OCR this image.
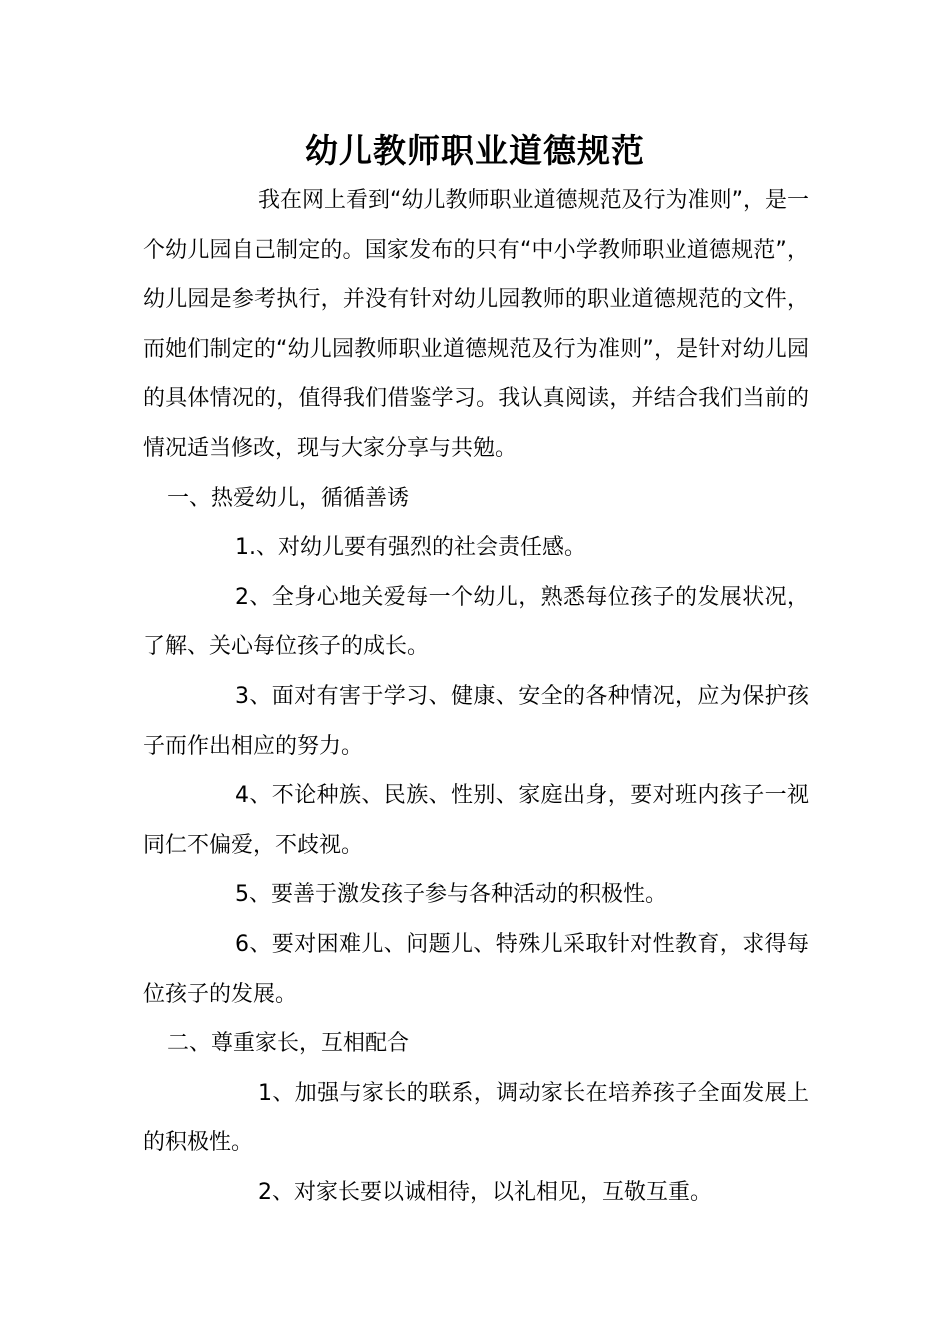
幼儿教师职业道德规范

我在网上看到“幼儿教师职业道德规范及行为准则”，是一个幼儿园自己制定的。国家发布的只有“中小学教师职业道德规范”，幼儿园是参考执行，并没有针对幼儿园教师的职业道德规范的文件，而她们制定的“幼儿园教师职业道德规范及行为准则”，是针对幼儿园的具体情况的，值得我们借鉴学习。我认真阅读，并结合我们当前的情况适当修改，现与大家分享与共勉。

一、热爱幼儿，循循善诱

1.、对幼儿要有强烈的社会责任感。

2、全身心地关爱每一个幼儿，熟悉每位孩子的发展状况，了解、关心每位孩子的成长。

3、面对有害于学习、健康、安全的各种情况，应为保护孩子而作出相应的努力。

4、不论种族、民族、性别、家庭出身，要对班内孩子一视同仁不偏爱，不歧视。

5、要善于激发孩子参与各种活动的积极性。

6、要对困难儿、问题儿、特殊儿采取针对性教育，求得每位孩子的发展。

二、尊重家长，互相配合

1、加强与家长的联系，调动家长在培养孩子全面发展上的积极性。

2、对家长要以诚相待，以礼相见，互敬互重。
